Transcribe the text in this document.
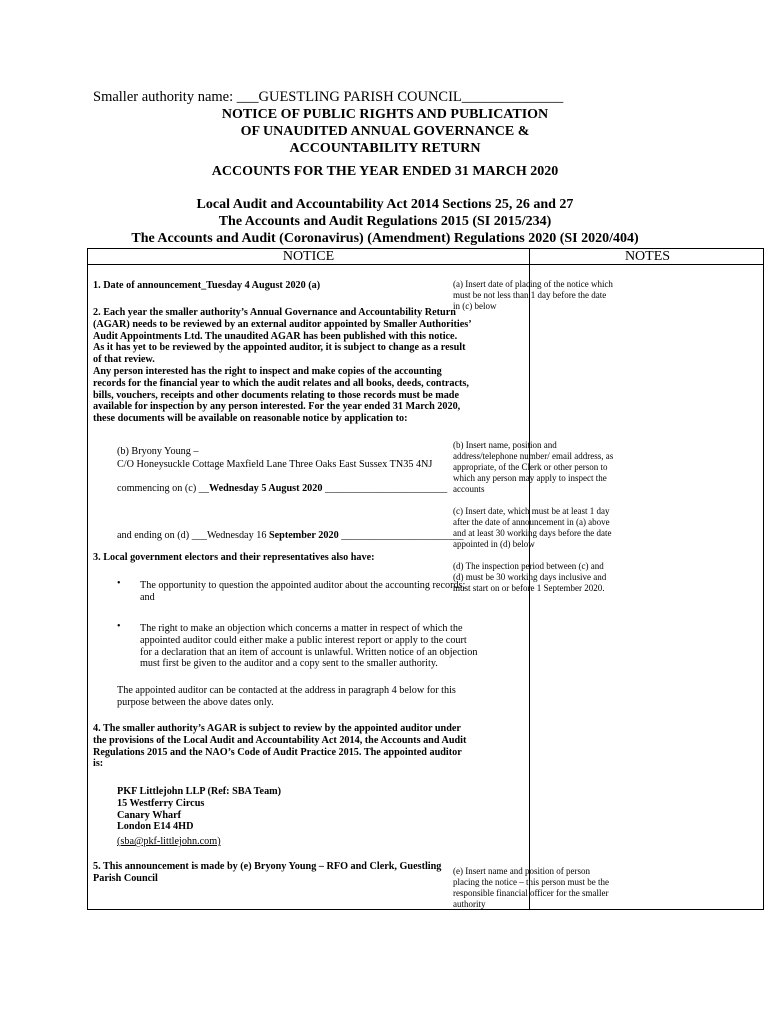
Smaller authority name: ___GUESTLING PARISH COUNCIL______________
NOTICE OF PUBLIC RIGHTS AND PUBLICATION
OF UNAUDITED ANNUAL GOVERNANCE &
ACCOUNTABILITY RETURN
ACCOUNTS FOR THE YEAR ENDED 31 MARCH 2020
Local Audit and Accountability Act 2014 Sections 25, 26 and 27
The Accounts and Audit Regulations 2015 (SI 2015/234)
The Accounts and Audit (Coronavirus) (Amendment) Regulations 2020 (SI 2020/404)
NOTICE	NOTES
1. Date of announcement_Tuesday 4 August 2020 (a)
2. Each year the smaller authority’s Annual Governance and Accountability Return
(AGAR) needs to be reviewed by an external auditor appointed by Smaller Authorities’
Audit Appointments Ltd. The unaudited AGAR has been published with this notice.
As it has yet to be reviewed by the appointed auditor, it is subject to change as a result
of that review.
Any person interested has the right to inspect and make copies of the accounting
records for the financial year to which the audit relates and all books, deeds, contracts,
bills, vouchers, receipts and other documents relating to those records must be made
available for inspection by any person interested. For the year ended 31 March 2020,
these documents will be available on reasonable notice by application to:
(b) Bryony Young –
C/O Honeysuckle Cottage Maxfield Lane Three Oaks East Sussex TN35 4NJ
commencing on (c) __Wednesday 5 August 2020 ________________________
and ending on (d) ___Wednesday 16 September 2020 ________________________
3. Local government electors and their representatives also have:
• The opportunity to question the appointed auditor about the accounting records;
and
• The right to make an objection which concerns a matter in respect of which the
appointed auditor could either make a public interest report or apply to the court
for a declaration that an item of account is unlawful. Written notice of an objection
must first be given to the auditor and a copy sent to the smaller authority.
The appointed auditor can be contacted at the address in paragraph 4 below for this
purpose between the above dates only.
4. The smaller authority’s AGAR is subject to review by the appointed auditor under
the provisions of the Local Audit and Accountability Act 2014, the Accounts and Audit
Regulations 2015 and the NAO’s Code of Audit Practice 2015. The appointed auditor
is:
PKF Littlejohn LLP (Ref: SBA Team)
15 Westferry Circus
Canary Wharf
London E14 4HD
(sba@pkf-littlejohn.com)
5. This announcement is made by (e) Bryony Young – RFO and Clerk, Guestling
Parish Council
(a) Insert date of placing of the notice which
must be not less than 1 day before the date
in (c) below
(b) Insert name, position and
address/telephone number/ email address, as
appropriate, of the Clerk or other person to
which any person may apply to inspect the
accounts
(c) Insert date, which must be at least 1 day
after the date of announcement in (a) above
and at least 30 working days before the date
appointed in (d) below
(d) The inspection period between (c) and
(d) must be 30 working days inclusive and
must start on or before 1 September 2020.
(e) Insert name and position of person
placing the notice – this person must be the
responsible financial officer for the smaller
authority
